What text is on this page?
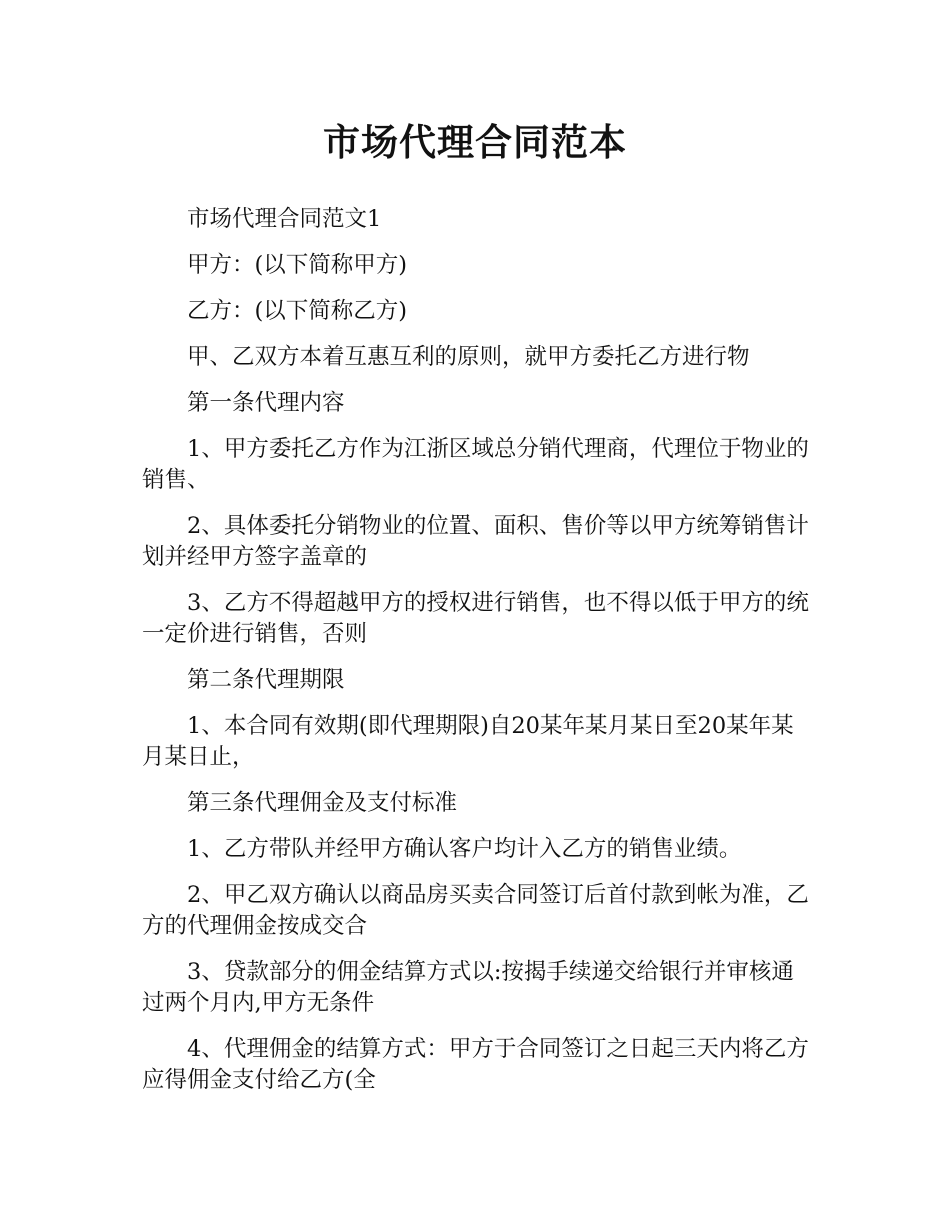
市场代理合同范本

市场代理合同范文1

甲方：(以下简称甲方)

乙方：(以下简称乙方)

甲、乙双方本着互惠互利的原则，就甲方委托乙方进行物

第一条代理内容

1、甲方委托乙方作为江浙区域总分销代理商，代理位于物业的销售、

2、具体委托分销物业的位置、面积、售价等以甲方统筹销售计划并经甲方签字盖章的

3、乙方不得超越甲方的授权进行销售，也不得以低于甲方的统一定价进行销售，否则

第二条代理期限

1、本合同有效期(即代理期限)自20某年某月某日至20某年某月某日止，

第三条代理佣金及支付标准

1、乙方带队并经甲方确认客户均计入乙方的销售业绩。

2、甲乙双方确认以商品房买卖合同签订后首付款到帐为准，乙方的代理佣金按成交合

3、贷款部分的佣金结算方式以:按揭手续递交给银行并审核通过两个月内,甲方无条件

4、代理佣金的结算方式：甲方于合同签订之日起三天内将乙方应得佣金支付给乙方(全
